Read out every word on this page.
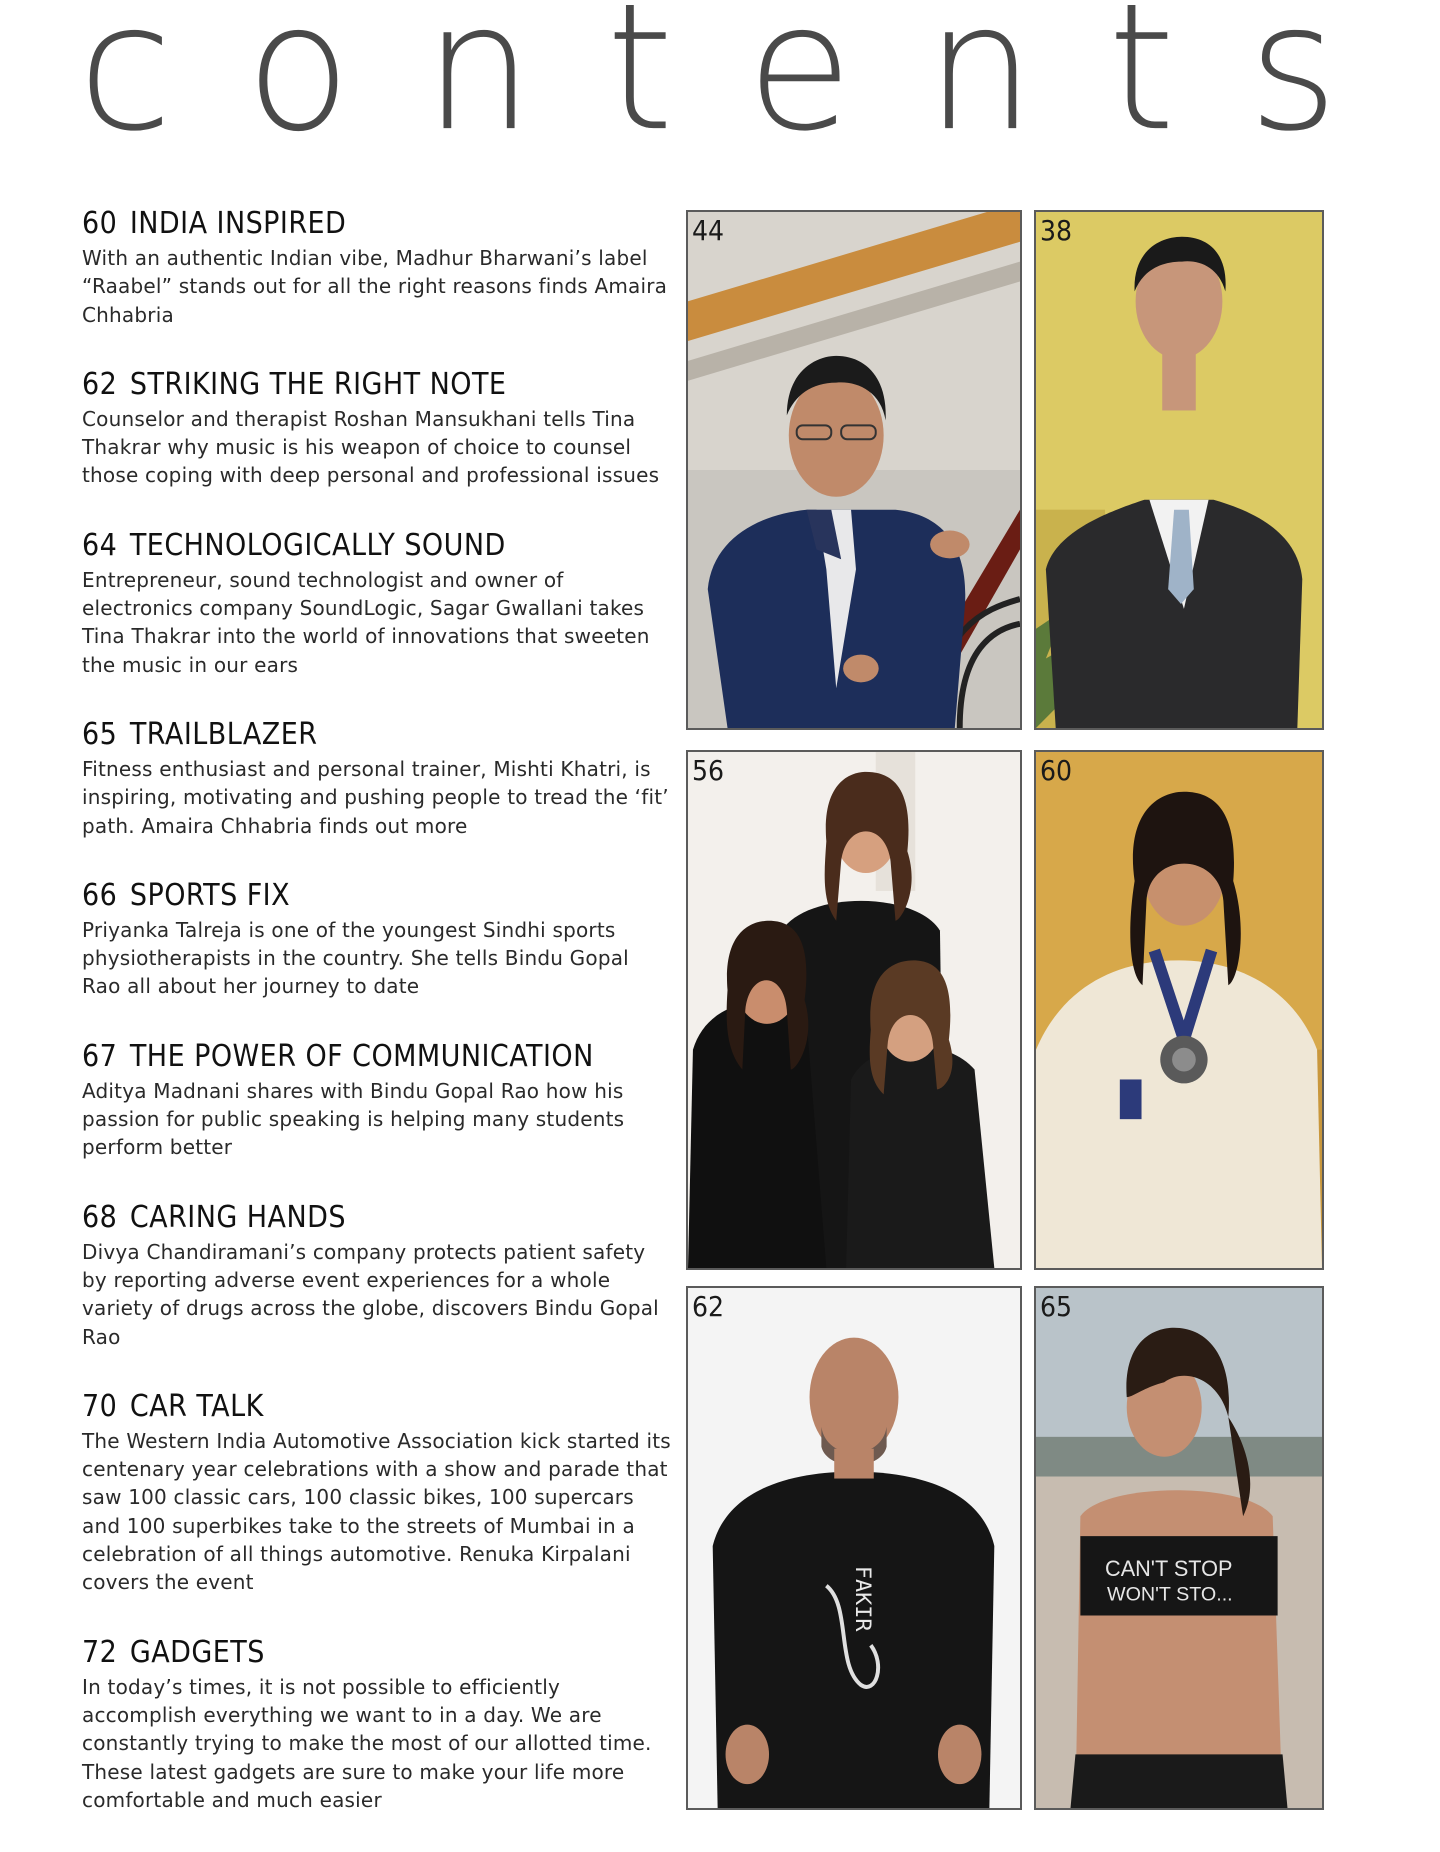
c o n t e n t s
60 INDIA INSPIRED

With an authentic Indian vibe, Madhur Bharwani’s label “Raabel” stands out for all the right reasons finds Amaira Chhabria

62 STRIKING THE RIGHT NOTE

Counselor and therapist Roshan Mansukhani tells Tina Thakrar why music is his weapon of choice to counsel those coping with deep personal and professional issues

64 TECHNOLOGICALLY SOUND

Entrepreneur, sound technologist and owner of electronics company SoundLogic, Sagar Gwallani takes Tina Thakrar into the world of innovations that sweeten the music in our ears

65 TRAILBLAZER

Fitness enthusiast and personal trainer, Mishti Khatri, is inspiring, motivating and pushing people to tread the ‘fit’ path. Amaira Chhabria finds out more

66 SPORTS FIX

Priyanka Talreja is one of the youngest Sindhi sports physiotherapists in the country. She tells Bindu Gopal Rao all about her journey to date

67 THE POWER OF COMMUNICATION

Aditya Madnani shares with Bindu Gopal Rao how his passion for public speaking is helping many students perform better

68 CARING HANDS

Divya Chandiramani’s company protects patient safety by reporting adverse event experiences for a whole variety of drugs across the globe, discovers Bindu Gopal Rao

70 CAR TALK

The Western India Automotive Association kick started its centenary year celebrations with a show and parade that saw 100 classic cars, 100 classic bikes, 100 supercars and 100 superbikes take to the streets of Mumbai in a celebration of all things automotive. Renuka Kirpalani covers the event

72 GADGETS

In today’s times, it is not possible to efficiently accomplish everything we want to in a day. We are constantly trying to make the most of our allotted time. These latest gadgets are sure to make your life more comfortable and much easier

44	38
56	60
62
FAKIR
65
CAN'T STOP
WON'T STO...
